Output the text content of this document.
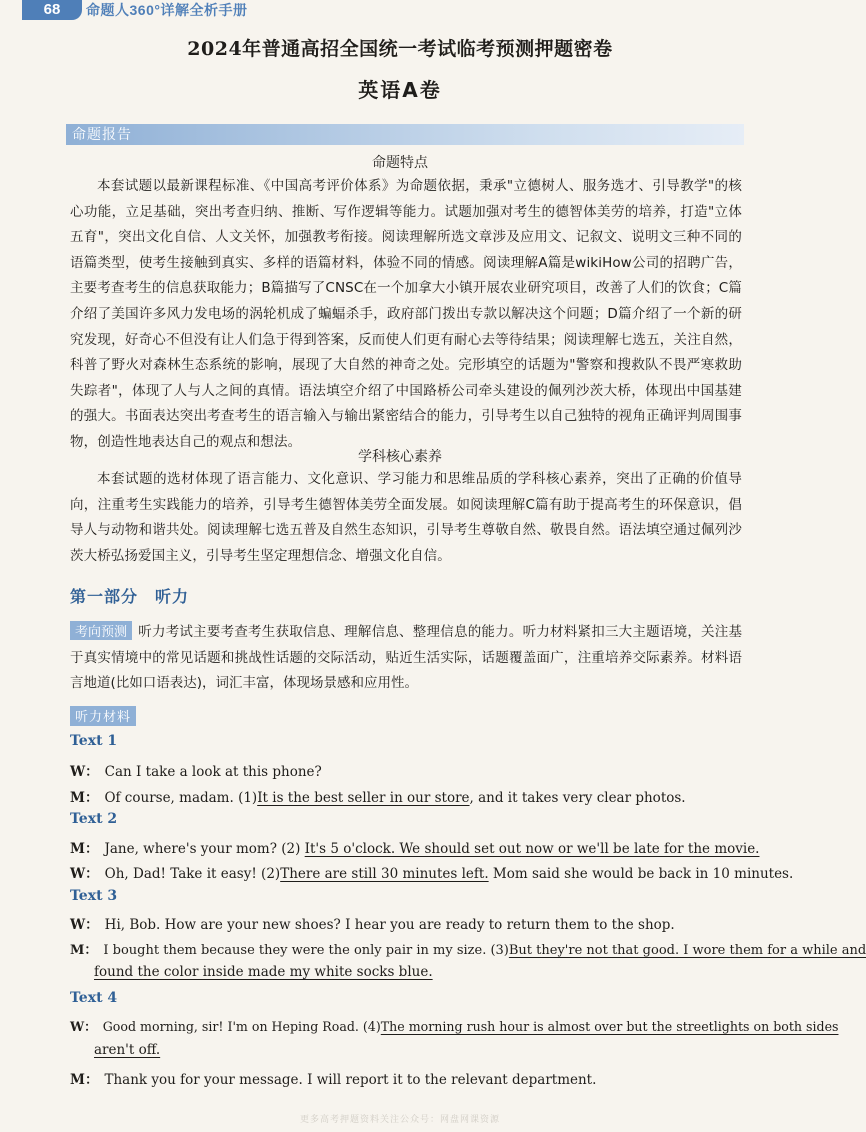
68	命题人360°详解全析手册
2024年普通高招全国统一考试临考预测押题密卷
英语A卷
命题报告
命题特点
本套试题以最新课程标准、《中国高考评价体系》为命题依据，秉承"立德树人、服务选才、引导教学"的核心功能，立足基础，突出考查归纳、推断、写作逻辑等能力。试题加强对考生的德智体美劳的培养，打造"立体五育"，突出文化自信、人文关怀，加强教考衔接。阅读理解所选文章涉及应用文、记叙文、说明文三种不同的语篇类型，使考生接触到真实、多样的语篇材料，体验不同的情感。阅读理解A篇是wikiHow公司的招聘广告，主要考查考生的信息获取能力；B篇描写了CNSC在一个加拿大小镇开展农业研究项目，改善了人们的饮食；C篇介绍了美国许多风力发电场的涡轮机成了蝙蝠杀手，政府部门拨出专款以解决这个问题；D篇介绍了一个新的研究发现，好奇心不但没有让人们急于得到答案，反而使人们更有耐心去等待结果；阅读理解七选五，关注自然，科普了野火对森林生态系统的影响，展现了大自然的神奇之处。完形填空的话题为"警察和搜救队不畏严寒救助失踪者"，体现了人与人之间的真情。语法填空介绍了中国路桥公司牵头建设的佩列沙茨大桥，体现出中国基建的强大。书面表达突出考查考生的语言输入与输出紧密结合的能力，引导考生以自己独特的视角正确评判周围事物，创造性地表达自己的观点和想法。
学科核心素养
本套试题的选材体现了语言能力、文化意识、学习能力和思维品质的学科核心素养，突出了正确的价值导向，注重考生实践能力的培养，引导考生德智体美劳全面发展。如阅读理解C篇有助于提高考生的环保意识，倡导人与动物和谐共处。阅读理解七选五普及自然生态知识，引导考生尊敬自然、敬畏自然。语法填空通过佩列沙茨大桥弘扬爱国主义，引导考生坚定理想信念、增强文化自信。
第一部分　听力
考向预测 听力考试主要考查考生获取信息、理解信息、整理信息的能力。听力材料紧扣三大主题语境，关注基于真实情境中的常见话题和挑战性话题的交际活动，贴近生活实际，话题覆盖面广，注重培养交际素养。材料语言地道(比如口语表达)，词汇丰富，体现场景感和应用性。
听力材料
Text 1
W： Can I take a look at this phone?
M： Of course, madam. (1)It is the best seller in our store, and it takes very clear photos.
Text 2
M： Jane, where's your mom? (2) It's 5 o'clock. We should set out now or we'll be late for the movie.
W： Oh, Dad! Take it easy! (2)There are still 30 minutes left. Mom said she would be back in 10 minutes.
Text 3
W： Hi, Bob. How are your new shoes? I hear you are ready to return them to the shop.
M： I bought them because they were the only pair in my size. (3)But they're not that good. I wore them for a while and
found the color inside made my white socks blue.
Text 4
W： Good morning, sir! I'm on Heping Road. (4)The morning rush hour is almost over but the streetlights on both sides
aren't off.
M： Thank you for your message. I will report it to the relevant department.
更多高考押题资料关注公众号：网盘网课资源
